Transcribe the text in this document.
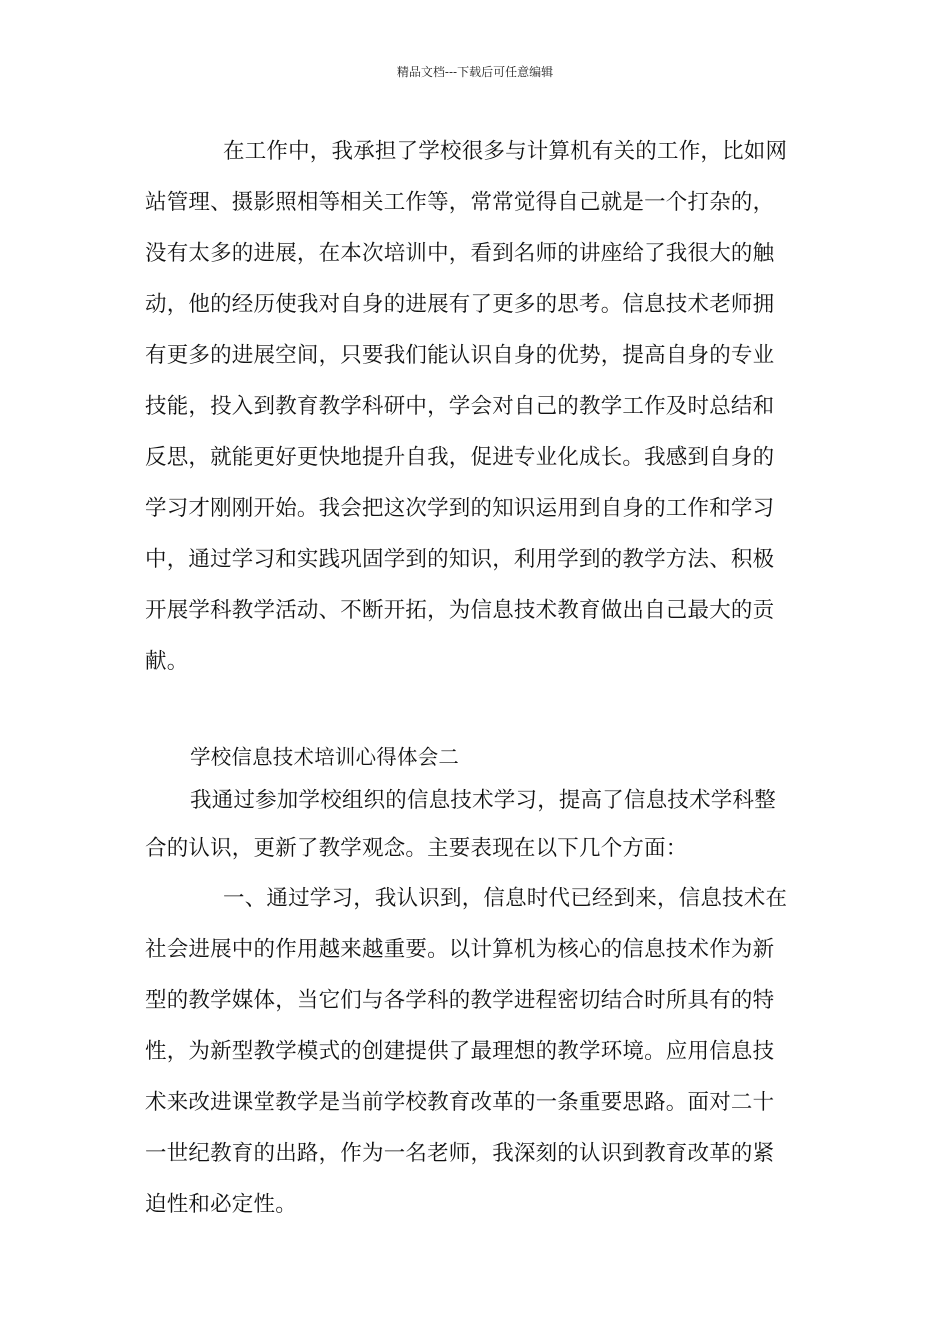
精品文档---下载后可任意编辑
在工作中，我承担了学校很多与计算机有关的工作，比如网
站管理、摄影照相等相关工作等，常常觉得自己就是一个打杂的，
没有太多的进展，在本次培训中，看到名师的讲座给了我很大的触
动，他的经历使我对自身的进展有了更多的思考。信息技术老师拥
有更多的进展空间，只要我们能认识自身的优势，提高自身的专业
技能，投入到教育教学科研中，学会对自己的教学工作及时总结和
反思，就能更好更快地提升自我，促进专业化成长。我感到自身的
学习才刚刚开始。我会把这次学到的知识运用到自身的工作和学习
中，通过学习和实践巩固学到的知识，利用学到的教学方法、积极
开展学科教学活动、不断开拓，为信息技术教育做出自己最大的贡
献。
学校信息技术培训心得体会二
我通过参加学校组织的信息技术学习，提高了信息技术学科整
合的认识，更新了教学观念。主要表现在以下几个方面：
一、通过学习，我认识到，信息时代已经到来，信息技术在
社会进展中的作用越来越重要。以计算机为核心的信息技术作为新
型的教学媒体，当它们与各学科的教学进程密切结合时所具有的特
性，为新型教学模式的创建提供了最理想的教学环境。应用信息技
术来改进课堂教学是当前学校教育改革的一条重要思路。面对二十
一世纪教育的出路，作为一名老师，我深刻的认识到教育改革的紧
迫性和必定性。
